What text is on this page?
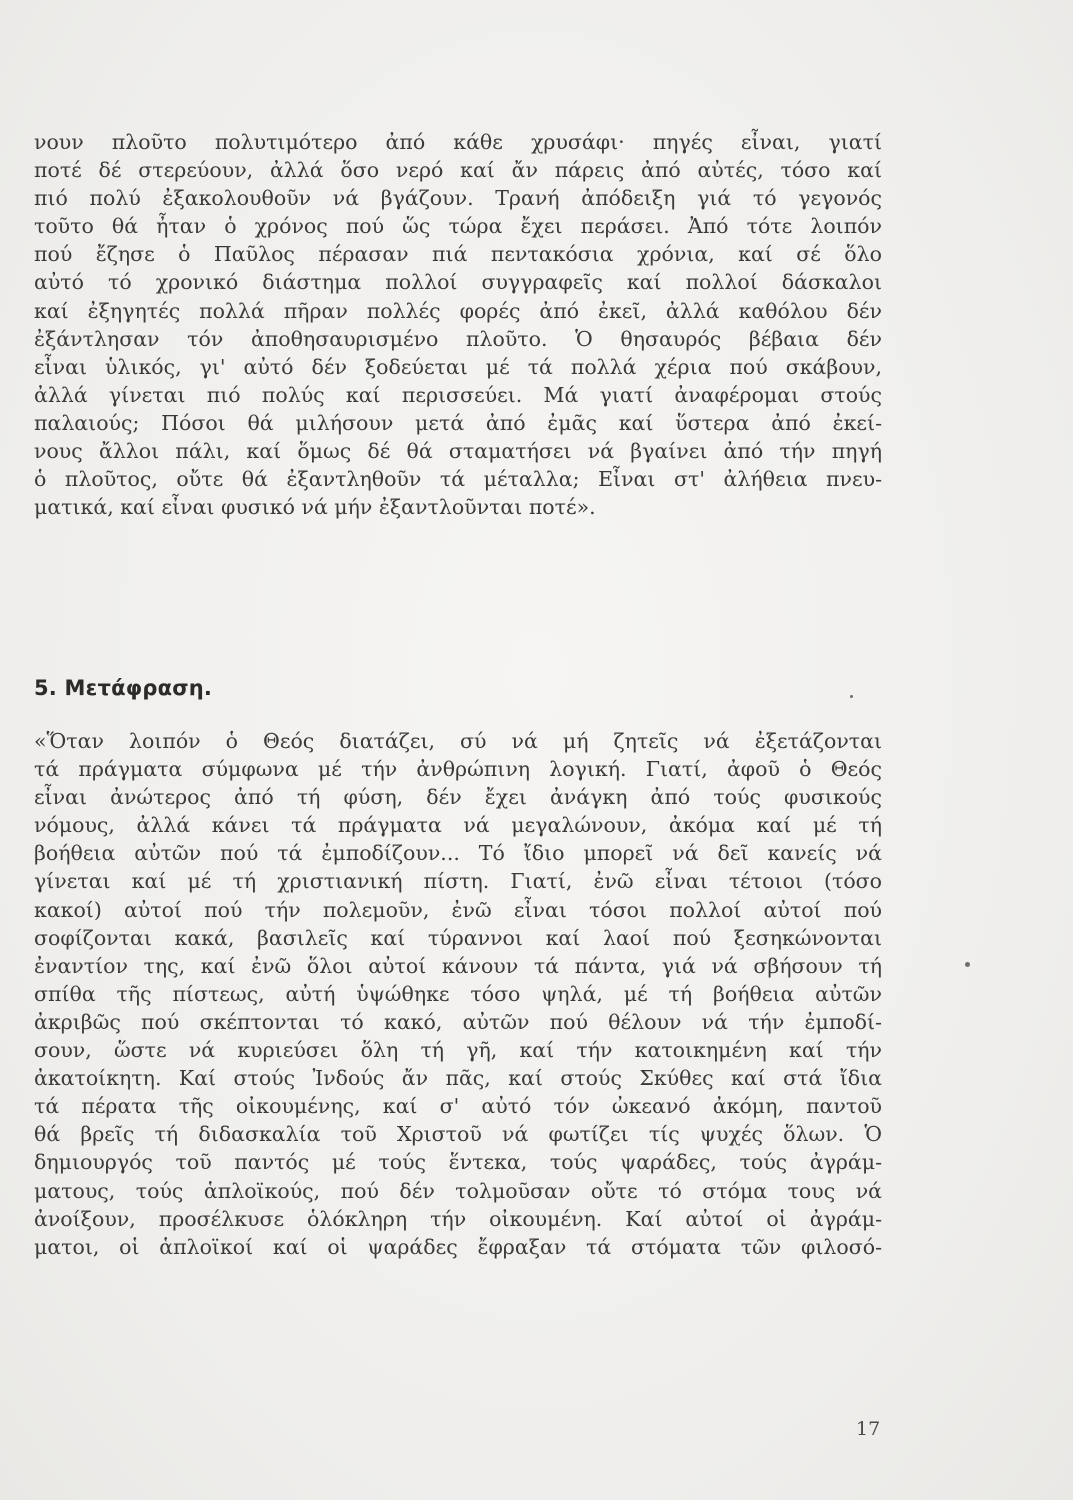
νουν πλοῦτο πολυτιμότερο ἀπό κάθε χρυσάφι· πηγές εἶναι, γιατί
ποτέ δέ στερεύουν, ἀλλά ὅσο νερό καί ἄν πάρεις ἀπό αὐτές, τόσο καί
πιό πολύ ἐξακολουθοῦν νά βγάζουν. Τρανή ἀπόδειξη γιά τό γεγονός
τοῦτο θά ἦταν ὁ χρόνος πού ὥς τώρα ἔχει περάσει. Ἀπό τότε λοιπόν
πού ἔζησε ὁ Παῦλος πέρασαν πιά πεντακόσια χρόνια, καί σέ ὅλο
αὐτό τό χρονικό διάστημα πολλοί συγγραφεῖς καί πολλοί δάσκαλοι
καί ἐξηγητές πολλά πῆραν πολλές φορές ἀπό ἐκεῖ, ἀλλά καθόλου δέν
ἐξάντλησαν τόν ἀποθησαυρισμένο πλοῦτο. Ὁ θησαυρός βέβαια δέν
εἶναι ὑλικός, γι' αὐτό δέν ξοδεύεται μέ τά πολλά χέρια πού σκάβουν,
ἀλλά γίνεται πιό πολύς καί περισσεύει. Μά γιατί ἀναφέρομαι στούς
παλαιούς; Πόσοι θά μιλήσουν μετά ἀπό ἐμᾶς καί ὕστερα ἀπό ἐκεί-
νους ἄλλοι πάλι, καί ὅμως δέ θά σταματήσει νά βγαίνει ἀπό τήν πηγή
ὁ πλοῦτος, οὔτε θά ἐξαντληθοῦν τά μέταλλα; Εἶναι στ' ἀλήθεια πνευ-
ματικά, καί εἶναι φυσικό νά μήν ἐξαντλοῦνται ποτέ».
5. Μετάφραση.
«Ὅταν λοιπόν ὁ Θεός διατάζει, σύ νά μή ζητεῖς νά ἐξετάζονται
τά πράγματα σύμφωνα μέ τήν ἀνθρώπινη λογική. Γιατί, ἀφοῦ ὁ Θεός
εἶναι ἀνώτερος ἀπό τή φύση, δέν ἔχει ἀνάγκη ἀπό τούς φυσικούς
νόμους, ἀλλά κάνει τά πράγματα νά μεγαλώνουν, ἀκόμα καί μέ τή
βοήθεια αὐτῶν πού τά ἐμποδίζουν... Τό ἴδιο μπορεῖ νά δεῖ κανείς νά
γίνεται καί μέ τή χριστιανική πίστη. Γιατί, ἐνῶ εἶναι τέτοιοι (τόσο
κακοί) αὐτοί πού τήν πολεμοῦν, ἐνῶ εἶναι τόσοι πολλοί αὐτοί πού
σοφίζονται κακά, βασιλεῖς καί τύραννοι καί λαοί πού ξεσηκώνονται
ἐναντίον της, καί ἐνῶ ὅλοι αὐτοί κάνουν τά πάντα, γιά νά σβήσουν τή
σπίθα τῆς πίστεως, αὐτή ὑψώθηκε τόσο ψηλά, μέ τή βοήθεια αὐτῶν
ἀκριβῶς πού σκέπτονται τό κακό, αὐτῶν πού θέλουν νά τήν ἐμποδί-
σουν, ὥστε νά κυριεύσει ὅλη τή γῆ, καί τήν κατοικημένη καί τήν
ἀκατοίκητη. Καί στούς Ἰνδούς ἄν πᾶς, καί στούς Σκύθες καί στά ἴδια
τά πέρατα τῆς οἰκουμένης, καί σ' αὐτό τόν ὠκεανό ἀκόμη, παντοῦ
θά βρεῖς τή διδασκαλία τοῦ Χριστοῦ νά φωτίζει τίς ψυχές ὅλων. Ὁ
δημιουργός τοῦ παντός μέ τούς ἕντεκα, τούς ψαράδες, τούς ἀγράμ-
ματους, τούς ἁπλοϊκούς, πού δέν τολμοῦσαν οὔτε τό στόμα τους νά
ἀνοίξουν, προσέλκυσε ὁλόκληρη τήν οἰκουμένη. Καί αὐτοί οἱ ἀγράμ-
ματοι, οἱ ἁπλοϊκοί καί οἱ ψαράδες ἔφραξαν τά στόματα τῶν φιλοσό-
17
